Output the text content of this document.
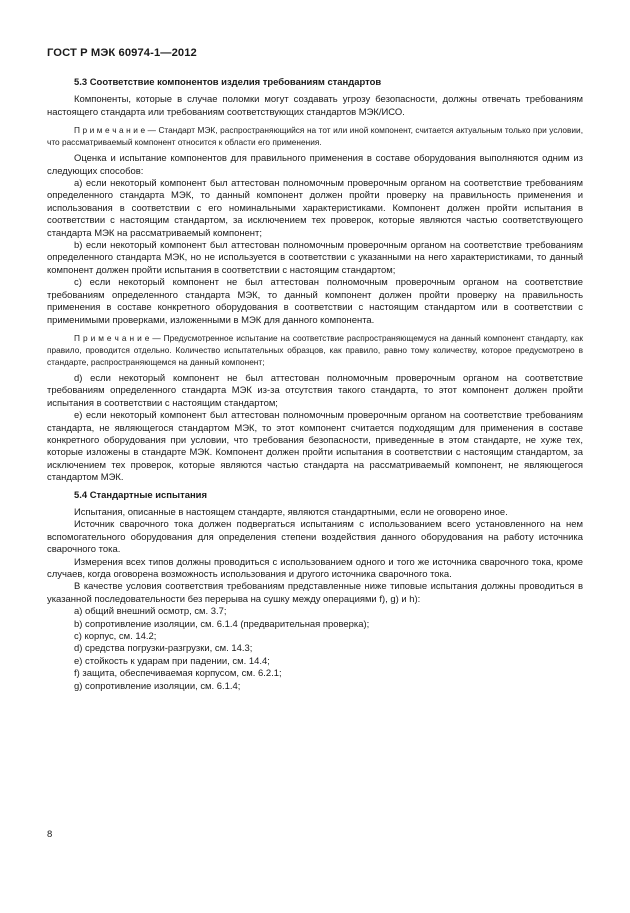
ГОСТ Р МЭК 60974-1—2012

5.3 Соответствие компонентов изделия требованиям стандартов

Компоненты, которые в случае поломки могут создавать угрозу безопасности, должны отвечать требованиям настоящего стандарта или требованиям соответствующих стандартов МЭК/ИСО.

П р и м е ч а н и е — Стандарт МЭК, распространяющийся на тот или иной компонент, считается актуальным только при условии, что рассматриваемый компонент относится к области его применения.

Оценка и испытание компонентов для правильного применения в составе оборудования выполняются одним из следующих способов:

a) если некоторый компонент был аттестован полномочным проверочным органом на соответствие требованиям определенного стандарта МЭК, то данный компонент должен пройти проверку на правильность применения и использования в соответствии с его номинальными характеристиками. Компонент должен пройти испытания в соответствии с настоящим стандартом, за исключением тех проверок, которые являются частью соответствующего стандарта МЭК на рассматриваемый компонент;

b) если некоторый компонент был аттестован полномочным проверочным органом на соответствие требованиям определенного стандарта МЭК, но не используется в соответствии с указанными на него характеристиками, то данный компонент должен пройти испытания в соответствии с настоящим стандартом;

c) если некоторый компонент не был аттестован полномочным проверочным органом на соответствие требованиям определенного стандарта МЭК, то данный компонент должен пройти проверку на правильность применения в составе конкретного оборудования в соответствии с настоящим стандартом или в соответствии с применимыми проверками, изложенными в МЭК для данного компонента.

П р и м е ч а н и е — Предусмотренное испытание на соответствие распространяющемуся на данный компонент стандарту, как правило, проводится отдельно. Количество испытательных образцов, как правило, равно тому количеству, которое предусмотрено в стандарте, распространяющемся на данный компонент;

d) если некоторый компонент не был аттестован полномочным проверочным органом на соответствие требованиям определенного стандарта МЭК из-за отсутствия такого стандарта, то этот компонент должен пройти испытания в соответствии с настоящим стандартом;

e) если некоторый компонент был аттестован полномочным проверочным органом на соответствие требованиям стандарта, не являющегося стандартом МЭК, то этот компонент считается подходящим для применения в составе конкретного оборудования при условии, что требования безопасности, приведенные в этом стандарте, не хуже тех, которые изложены в стандарте МЭК. Компонент должен пройти испытания в соответствии с настоящим стандартом, за исключением тех проверок, которые являются частью стандарта на рассматриваемый компонент, не являющегося стандартом МЭК.

5.4 Стандартные испытания

Испытания, описанные в настоящем стандарте, являются стандартными, если не оговорено иное.

Источник сварочного тока должен подвергаться испытаниям с использованием всего установленного на нем вспомогательного оборудования для определения степени воздействия данного оборудования на работу источника сварочного тока.

Измерения всех типов должны проводиться с использованием одного и того же источника сварочного тока, кроме случаев, когда оговорена возможность использования и другого источника сварочного тока.

В качестве условия соответствия требованиям представленные ниже типовые испытания должны проводиться в указанной последовательности без перерыва на сушку между операциями f), g) и h):

a) общий внешний осмотр, см. 3.7;

b) сопротивление изоляции, см. 6.1.4 (предварительная проверка);

c) корпус, см. 14.2;

d) средства погрузки-разгрузки, см. 14.3;

e) стойкость к ударам при падении, см. 14.4;

f) защита, обеспечиваемая корпусом, см. 6.2.1;

g) сопротивление изоляции, см. 6.1.4;

8
